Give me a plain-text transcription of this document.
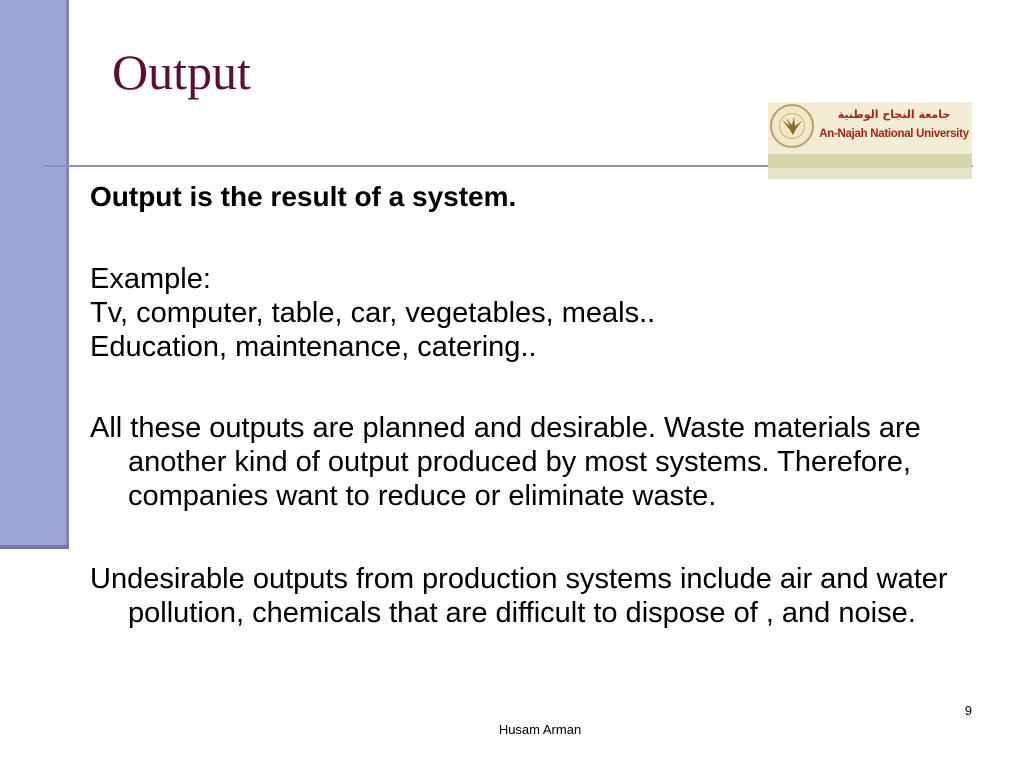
Output
جامعة النجاح الوطنية
An-Najah National University

Output is the result of a system.

Example:

Tv, computer, table, car, vegetables, meals..

Education, maintenance, catering..

All these outputs are planned and desirable. Waste materials are another kind of output produced by most systems. Therefore, companies want to reduce or eliminate waste.

Undesirable outputs from production systems include air and water pollution, chemicals that are difficult to dispose of , and noise.

9
Husam Arman
